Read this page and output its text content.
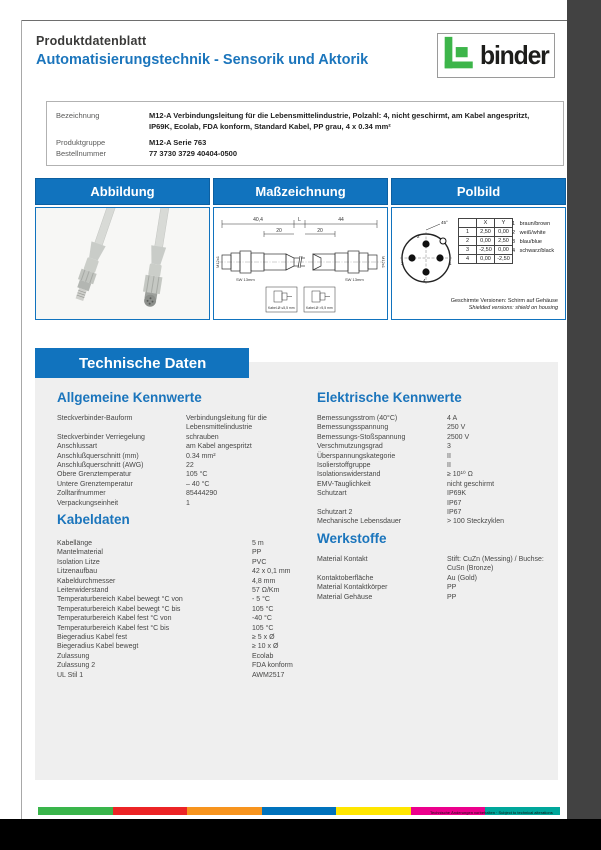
Produktdatenblatt
Automatisierungstechnik - Sensorik und Aktorik	binder
Bezeichnung	M12-A Verbindungsleitung für die Lebensmittelindustrie, Polzahl: 4, nicht geschirmt, am Kabel angespritzt, IP69K, Ecolab, FDA konform, Standard Kabel, PP grau, 4 x 0.34 mm²
Produktgruppe	M12-A Serie 763
Bestellnummer	77 3730 3729 40404-0500
Abbildung	Maßzeichnung
40,4	L	44
20	20
M12x1	M12x1
SW 13mm	SW 13mm
Kabel-Ø ≤5,5 mm	Kabel-Ø >5,5 mm
Polbild
45°
1
2
3
4
	X	Y
1	2,50	0,00
2	0,00	2,50
3	-2,50	0,00
4	0,00	-2,50
1   braun/brown
2   weiß/white
3   blau/blue
4   schwarz/black
Geschirmte Versionen: Schirm auf Gehäuse
Shielded versions: shield on housing
Technische Daten
Allgemeine Kennwerte
Steckverbinder-Bauform	Verbindungsleitung für die
Lebensmittelindustrie
Steckverbinder Verriegelung	schrauben
Anschlussart	am Kabel angespritzt
Anschlußquerschnitt (mm)	0.34 mm²
Anschlußquerschnitt (AWG)	22
Obere Grenztemperatur	105 °C
Untere Grenztemperatur	– 40 °C
Zolltarifnummer	85444290
Verpackungseinheit	1
Kabeldaten
Kabellänge	5 m
Mantelmaterial	PP
Isolation Litze	PVC
Litzenaufbau	42 x 0,1 mm
Kabeldurchmesser	4,8 mm
Leiterwiderstand	57 Ω/Km
Temperaturbereich Kabel bewegt °C von	- 5 °C
Temperaturbereich Kabel bewegt °C bis	105 °C
Temperaturbereich Kabel fest °C von	-40 °C
Temperaturbereich Kabel fest °C bis	105 °C
Biegeradius Kabel fest	≥ 5 x Ø
Biegeradius Kabel bewegt	≥ 10 x Ø
Zulassung	Ecolab
Zulassung 2	FDA konform
UL Stil 1	AWM2517
Elektrische Kennwerte
Bemessungsstrom (40°C)	4 A
Bemessungsspannung	250 V
Bemessungs-Stoßspannung	2500 V
Verschmutzungsgrad	3
Überspannungskategorie	II
Isolierstoffgruppe	II
Isolationswiderstand	≥ 10¹⁰ Ω
EMV-Tauglichkeit	nicht geschirmt
Schutzart	IP69K
IP67
Schutzart 2	IP67
Mechanische Lebensdauer	> 100 Steckzyklen
Werkstoffe
Material Kontakt	Stift: CuZn (Messing) / Buchse:
CuSn (Bronze)
Kontaktoberfläche	Au (Gold)
Material Kontaktkörper	PP
Material Gehäuse	PP
Technische Änderungen vorbehalten · Subject to technical alterations
